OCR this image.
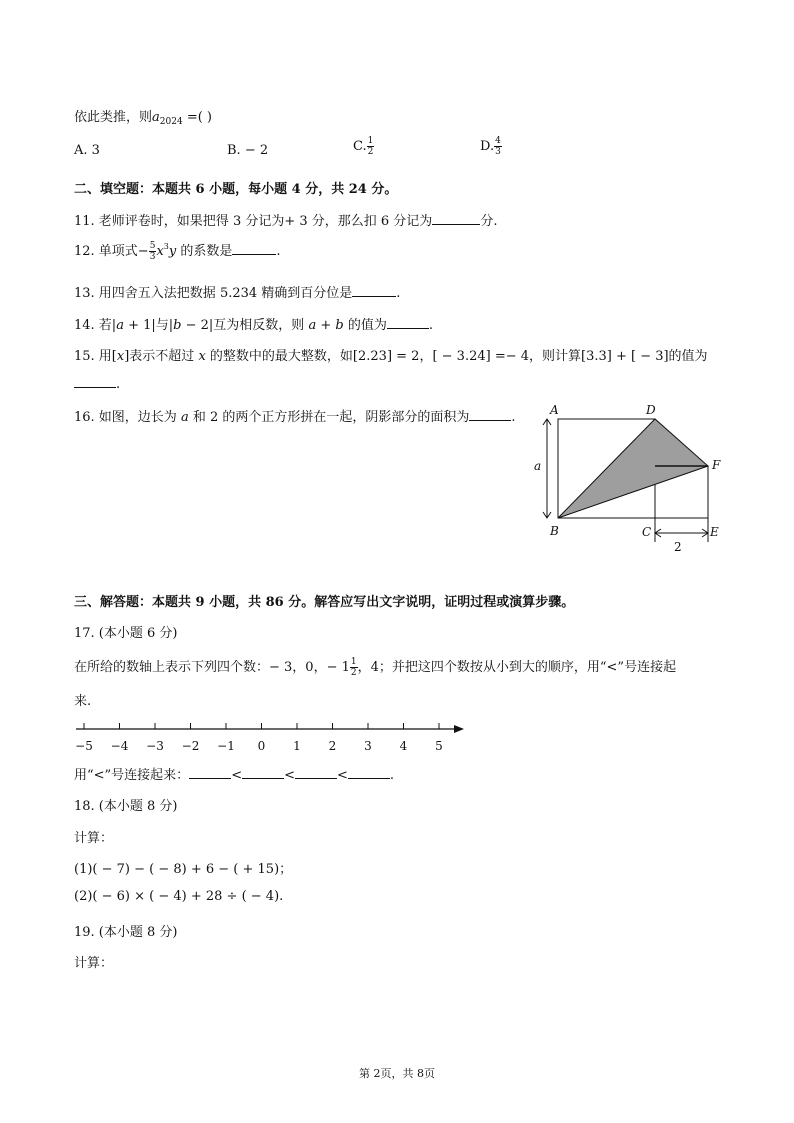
依此类推，则$a_{2024}$ =( )
A. 3	B. − 2	C. $\frac{1}{2}$	D. $\frac{4}{3}$
二、填空题：本题共 6 小题，每小题 4 分，共 24 分。
11. 老师评卷时，如果把得 3 分记为+ 3 分，那么扣 6 分记为	分.
12. 单项式− $\frac{5}{3} x^3y$ 的系数是	.
13. 用四舍五入法把数据 5.234 精确到百分位是	.
14. 若|a + 1|与|b − 2|互为相反数，则 a + b 的值为	.
15. 用[x]表示不超过 x 的整数中的最大整数，如[2.23] = 2，[ − 3.24] =− 4，则计算[3.3] + [ − 3]的值为
.
16. 如图，边长为 a 和 2 的两个正方形拼在一起，阴影部分的面积为	.	A	D
F
B	C	E
a
2
三、解答题：本题共 9 小题，共 86 分。解答应写出文字说明，证明过程或演算步骤。
17. (本小题 6 分)
在所给的数轴上表示下列四个数：− 3，0，− $1 \frac{1}{2}$ ，4；并把这四个数按从小到大的顺序，用“<”号连接起
来.
−5 −4 −3 −2 −1 0 1 2 3 4 5
用“<”号连接起来：	<	<	<	.
18. (本小题 8 分)
计算：
(1)( − 7) − ( − 8) + 6 − ( + 15)；
(2)( − 6) × ( − 4) + 28 ÷ ( − 4).
19. (本小题 8 分)
计算：
第 2页，共 8页
